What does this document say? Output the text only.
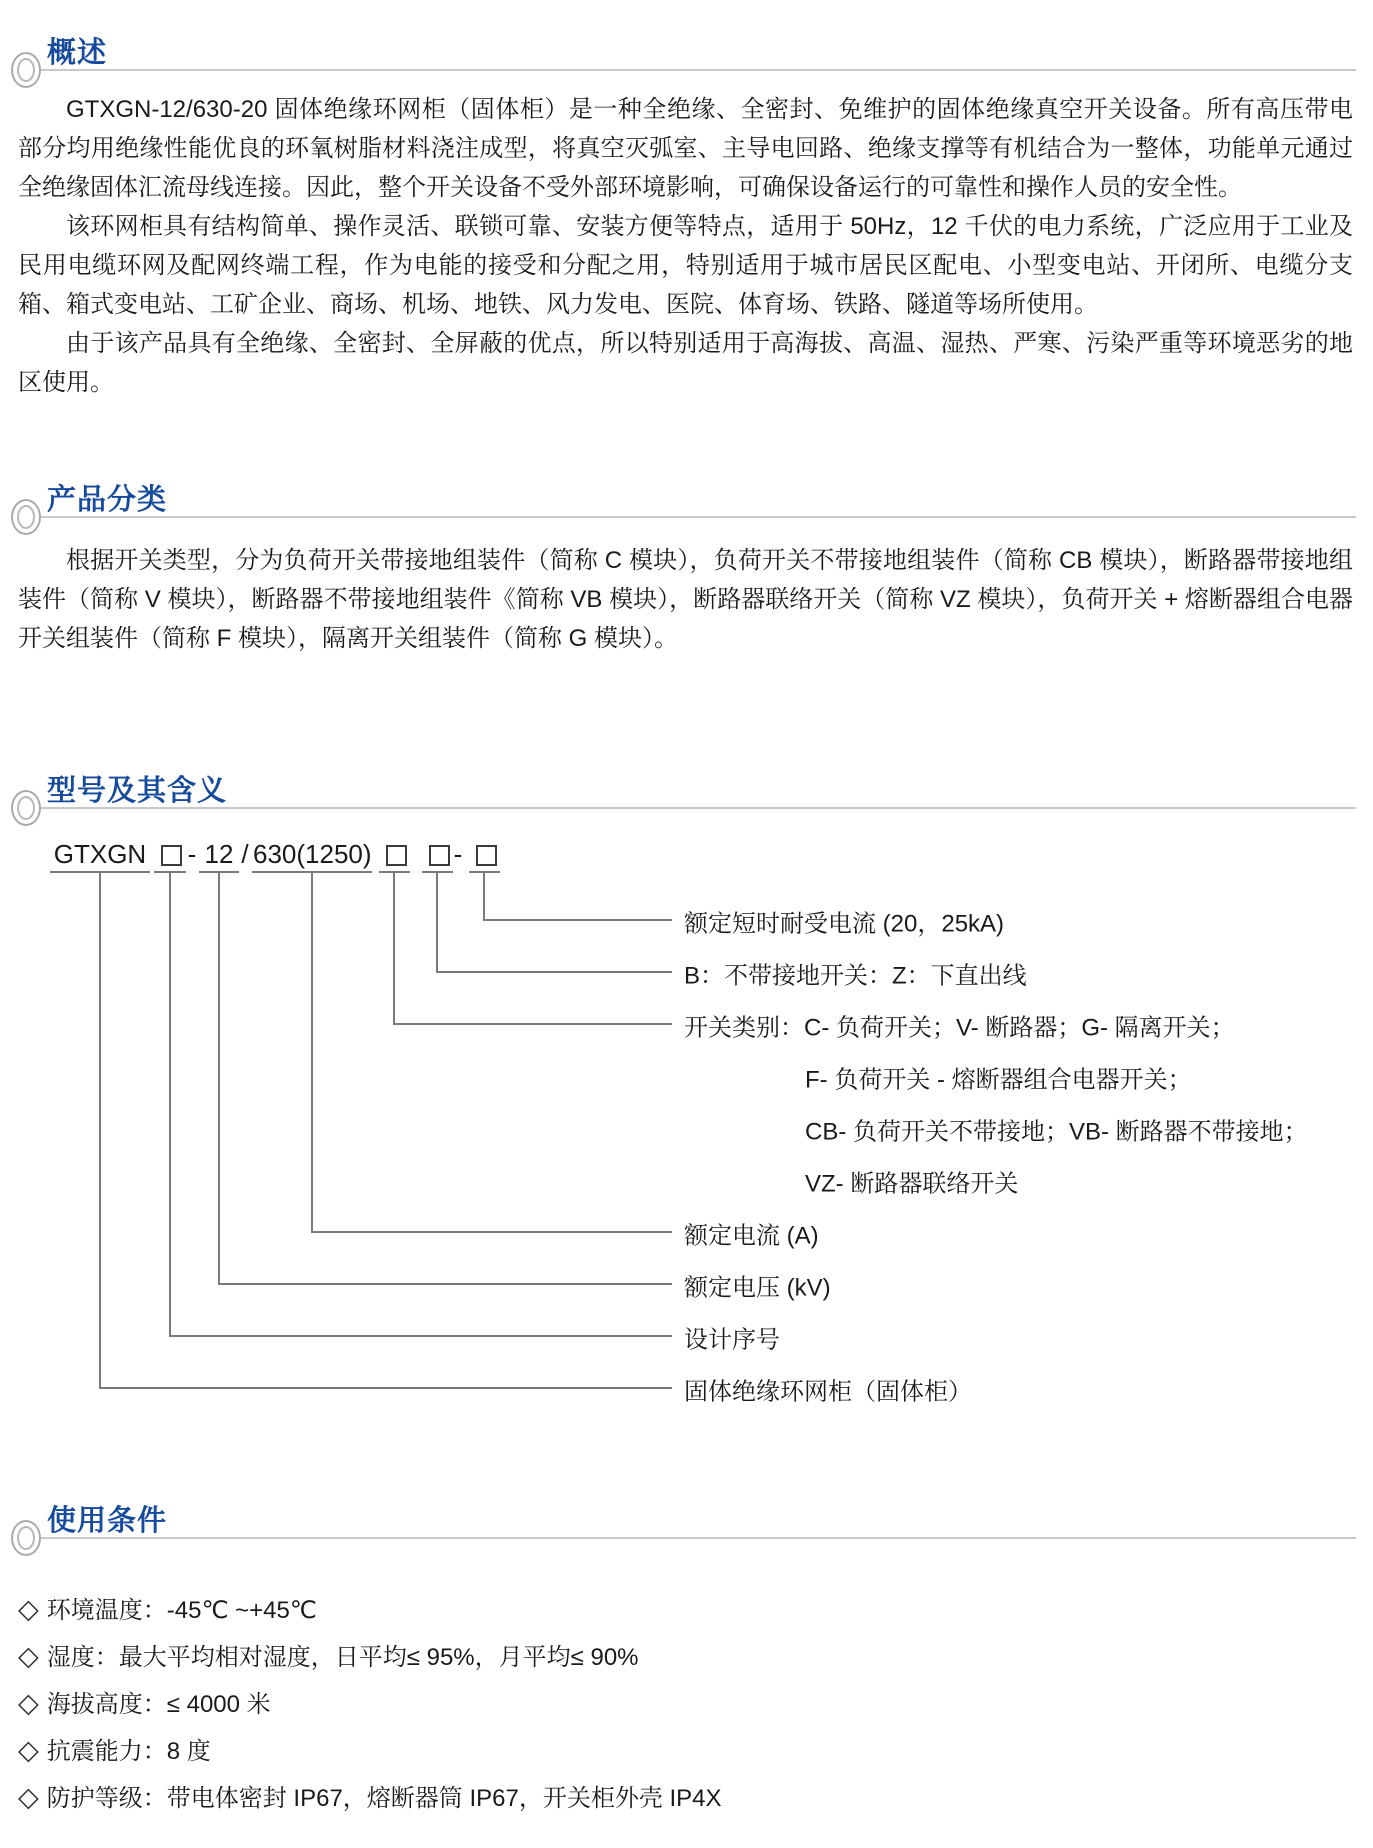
概述

GTXGN-12/630-20 固体绝缘环网柜（固体柜）是一种全绝缘、全密封、免维护的固体绝缘真空开关设备。所有高压带电部分均用绝缘性能优良的环氧树脂材料浇注成型，将真空灭弧室、主导电回路、绝缘支撑等有机结合为一整体，功能单元通过全绝缘固体汇流母线连接。因此，整个开关设备不受外部环境影响，可确保设备运行的可靠性和操作人员的安全性。

该环网柜具有结构简单、操作灵活、联锁可靠、安装方便等特点，适用于 50Hz，12 千伏的电力系统，广泛应用于工业及民用电缆环网及配网终端工程，作为电能的接受和分配之用，特别适用于城市居民区配电、小型变电站、开闭所、电缆分支箱、箱式变电站、工矿企业、商场、机场、地铁、风力发电、医院、体育场、铁路、隧道等场所使用。

由于该产品具有全绝缘、全密封、全屏蔽的优点，所以特别适用于高海拔、高温、湿热、严寒、污染严重等环境恶劣的地区使用。

产品分类

根据开关类型，分为负荷开关带接地组装件（简称 C 模块），负荷开关不带接地组装件（简称 CB 模块），断路器带接地组装件（简称 V 模块），断路器不带接地组装件《简称 VB 模块），断路器联络开关（简称 VZ 模块），负荷开关 + 熔断器组合电器开关组装件（简称 F 模块），隔离开关组装件（简称 G 模块）。

型号及其含义
GTXGN - 12 / 630(1250)	-
额定短时耐受电流 (20，25kA)
B：不带接地开关：Z：下直出线
开关类别：C- 负荷开关；V- 断路器；G- 隔离开关；
F- 负荷开关 - 熔断器组合电器开关；
CB- 负荷开关不带接地；VB- 断路器不带接地；
VZ- 断路器联络开关
额定电流 (A)
额定电压 (kV)
设计序号
固体绝缘环网柜（固体柜）
使用条件
◇ 环境温度：-45℃ ~+45℃
◇ 湿度：最大平均相对湿度，日平均≤ 95%，月平均≤ 90%
◇ 海拔高度：≤ 4000 米
◇ 抗震能力：8 度
◇ 防护等级：带电体密封 IP67，熔断器筒 IP67，开关柜外壳 IP4X
